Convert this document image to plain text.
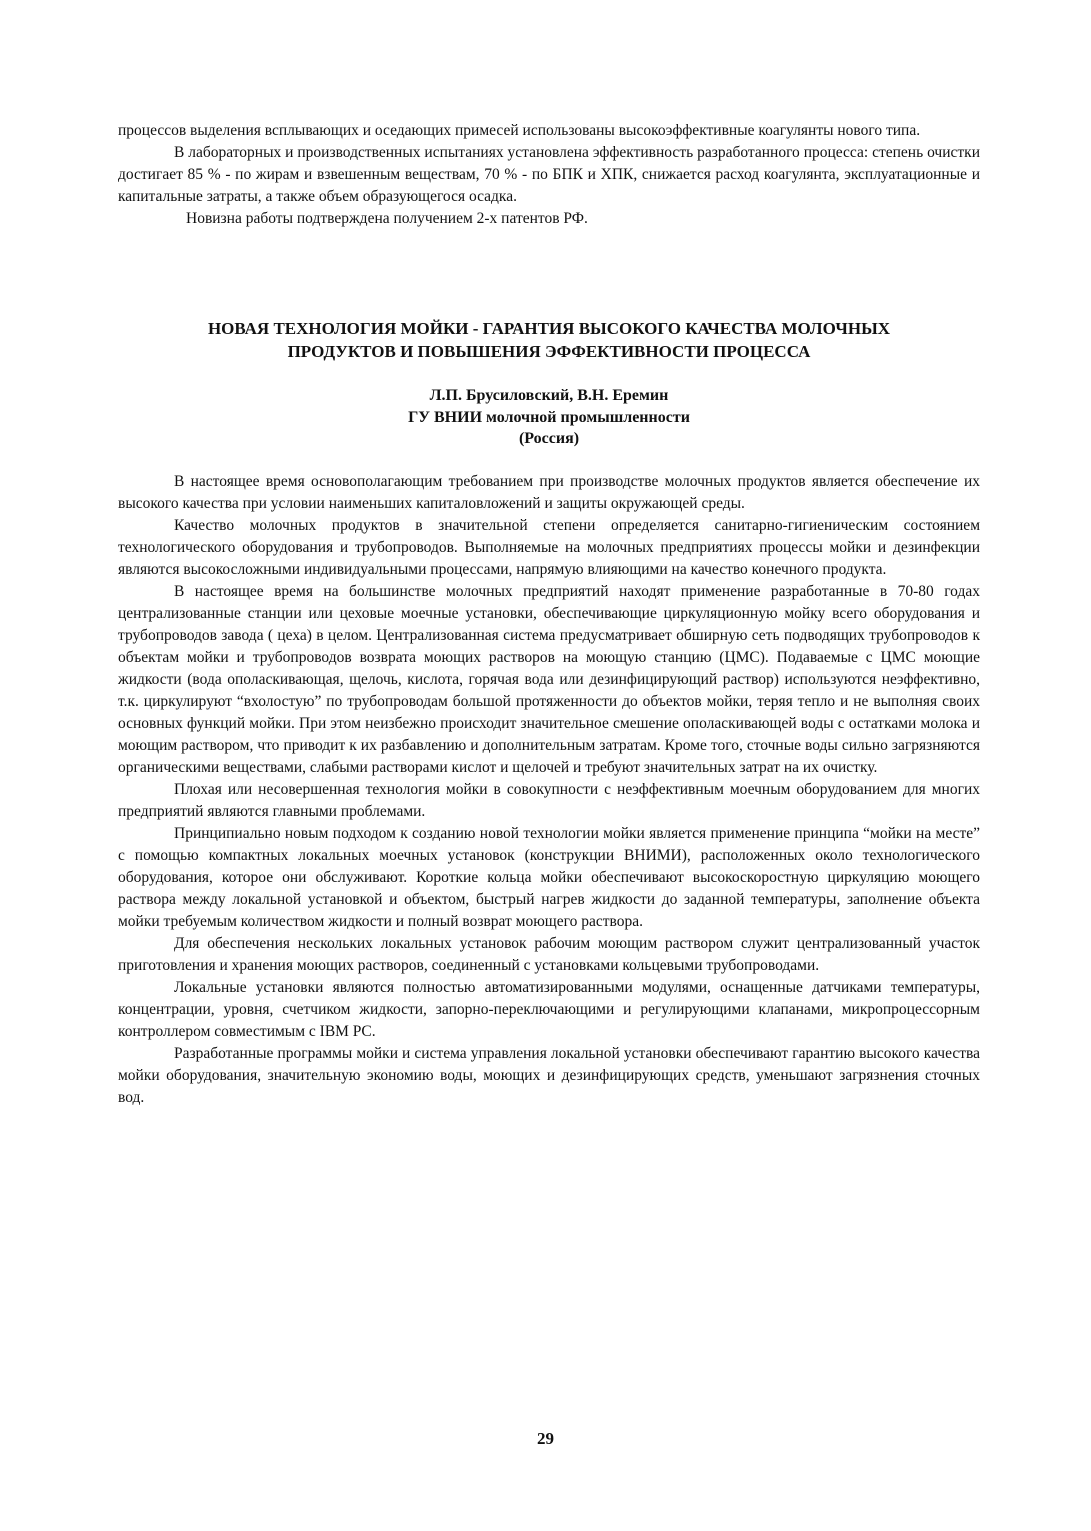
процессов выделения всплывающих и оседающих примесей использованы высокоэффективные коагулянты нового типа.

В лабораторных и производственных испытаниях установлена эффективность разработанного процесса: степень очистки достигает 85 % - по жирам и взвешенным веществам, 70 % - по БПК и ХПК, снижается расход коагулянта, эксплуатационные и капитальные затраты, а также объем образующегося осадка.

Новизна работы подтверждена получением 2-х патентов РФ.

НОВАЯ ТЕХНОЛОГИЯ МОЙКИ - ГАРАНТИЯ ВЫСОКОГО КАЧЕСТВА МОЛОЧНЫХ
ПРОДУКТОВ И ПОВЫШЕНИЯ ЭФФЕКТИВНОСТИ ПРОЦЕССА
Л.П. Брусиловский, В.Н. Еремин
ГУ ВНИИ молочной промышленности
(Россия)

В настоящее время основополагающим требованием при производстве молочных продуктов является обеспечение их высокого качества при условии наименьших капиталовложений и защиты окружающей среды.

Качество молочных продуктов в значительной степени определяется санитарно-гигиеническим состоянием технологического оборудования и трубопроводов. Выполняемые на молочных предприятиях процессы мойки и дезинфекции являются высокосложными индивидуальными процессами, напрямую влияющими на качество конечного продукта.

В настоящее время на большинстве молочных предприятий находят применение разработанные в 70-80 годах централизованные станции или цеховые моечные установки, обеспечивающие циркуляционную мойку всего оборудования и трубопроводов завода ( цеха) в целом. Централизованная система предусматривает обширную сеть подводящих трубопроводов к объектам мойки и трубопроводов возврата моющих растворов на моющую станцию (ЦМС). Подаваемые с ЦМС моющие жидкости (вода ополаскивающая, щелочь, кислота, горячая вода или дезинфицирующий раствор) используются неэффективно, т.к. циркулируют “вхолостую” по трубопроводам большой протяженности до объектов мойки, теряя тепло и не выполняя своих основных функций мойки. При этом неизбежно происходит значительное смешение ополаскивающей воды с остатками молока и моющим раствором, что приводит к их разбавлению и дополнительным затратам. Кроме того, сточные воды сильно загрязняются органическими веществами, слабыми растворами кислот и щелочей и требуют значительных затрат на их очистку.

Плохая или несовершенная технология мойки в совокупности с неэффективным моечным оборудованием для многих предприятий являются главными проблемами.

Принципиально новым подходом к созданию новой технологии мойки является применение принципа “мойки на месте” с помощью компактных локальных моечных установок (конструкции ВНИМИ), расположенных около технологического оборудования, которое они обслуживают. Короткие кольца мойки обеспечивают высокоскоростную циркуляцию моющего раствора между локальной установкой и объектом, быстрый нагрев жидкости до заданной температуры, заполнение объекта мойки требуемым количеством жидкости и полный возврат моющего раствора.

Для обеспечения нескольких локальных установок рабочим моющим раствором служит централизованный участок приготовления и хранения моющих растворов, соединенный с установками кольцевыми трубопроводами.

Локальные установки являются полностью автоматизированными модулями, оснащенные датчиками температуры, концентрации, уровня, счетчиком жидкости, запорно-переключающими и регулирующими клапанами, микропроцессорным контроллером совместимым с IBM PC.

Разработанные программы мойки и система управления локальной установки обеспечивают гарантию высокого качества мойки оборудования, значительную экономию воды, моющих и дезинфицирующих средств, уменьшают загрязнения сточных вод.

29
